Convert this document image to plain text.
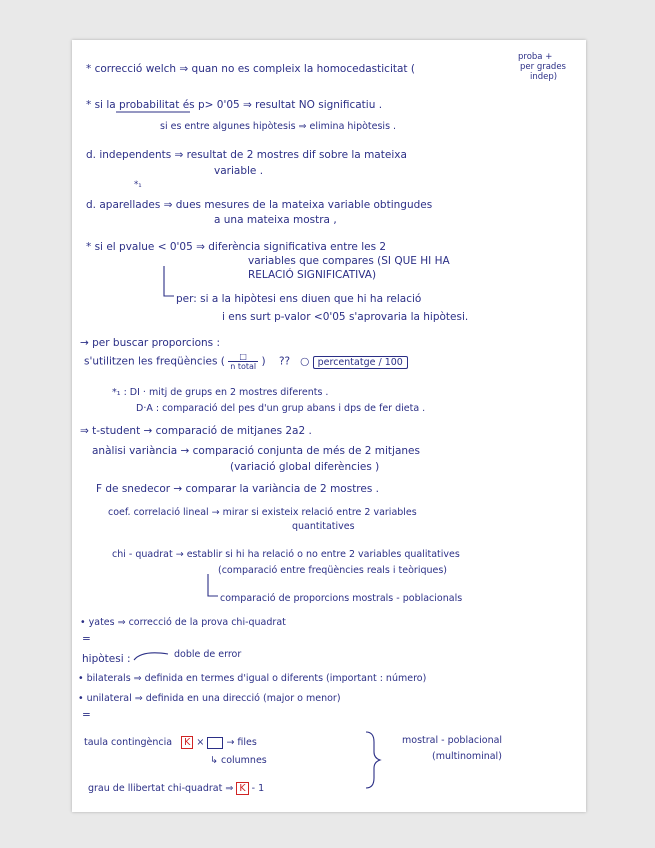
proba +
per grades
indep)
* correcció welch ⇒ quan no es compleix la homocedasticitat (
* si la probabilitat és p> 0'05 ⇒ resultat NO significatiu .
si es entre algunes hipòtesis ⇒ elimina hipòtesis .
d. independents ⇒ resultat de 2 mostres dif sobre la mateixa
variable .
*₁
d. aparellades ⇒ dues mesures de la mateixa variable obtingudes
a una mateixa mostra ,
* si el pvalue < 0'05 ⇒ diferència significativa entre les 2
variables que compares (SI QUE HI HA
RELACIÓ SIGNIFICATIVA)
per: si a la hipòtesi ens diuen que hi ha relació
i ens surt p-valor <0'05 s'aprovaria la hipòtesi.
→ per buscar proporcions :
s'utilitzen les freqüències ( $\frac{□}{\text{n total}}$ ) ?? ○ percentatge / 100
*₁ : DI · mitj de grups en 2 mostres diferents .
D·A : comparació del pes d'un grup abans i dps de fer dieta .
⇒ t-student → comparació de mitjanes 2a2 .
anàlisi variància → comparació conjunta de més de 2 mitjanes
(variació global diferències )
F de snedecor → comparar la variància de 2 mostres .
coef. correlació lineal → mirar si existeix relació entre 2 variables
quantitatives
chi - quadrat → establir si hi ha relació o no entre 2 variables qualitatives
(comparació entre freqüències reals i teòriques)
comparació de proporcions mostrals - poblacionals
• yates ⇒ correcció de la prova chi-quadrat
=
hipòtesi :	doble de error
• bilaterals ⇒ definida en termes d'igual o diferents (important : número)
• unilateral ⇒ definida en una direcció (major o menor)
=
taula contingència K × → files
↳ columnes
mostral - poblacional
(multinominal)
grau de llibertat chi-quadrat ⇒ K - 1
